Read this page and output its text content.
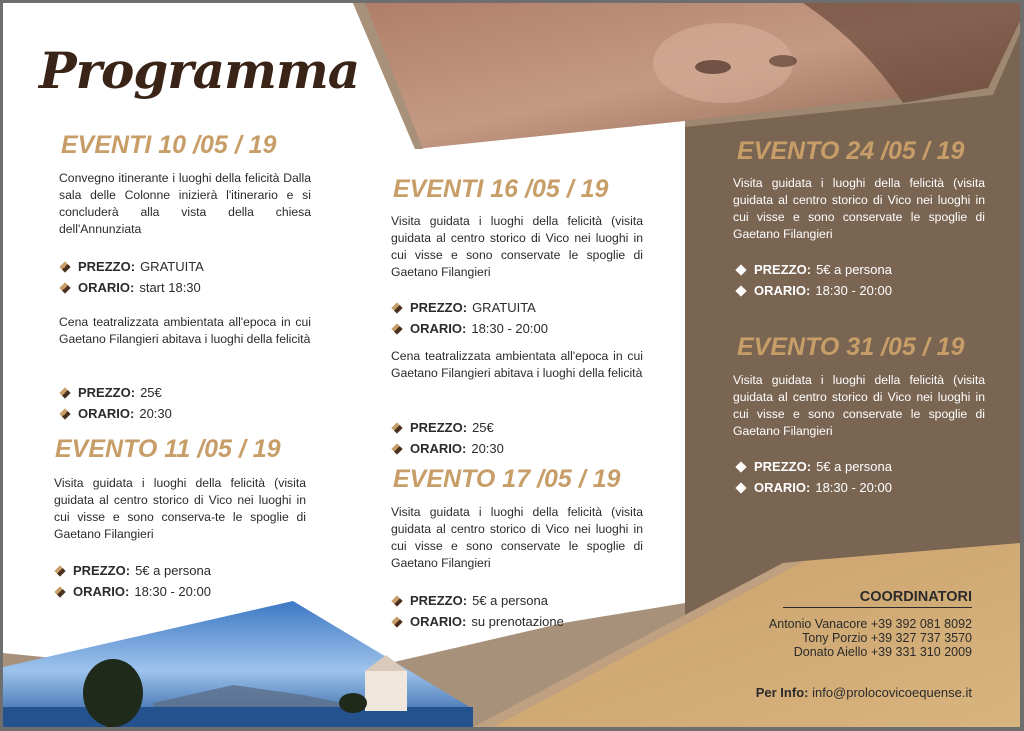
Programma
EVENTI 10 /05 / 19
Convegno itinerante i luoghi della felicità Dalla sala delle Colonne inizierà l'itinerario e si concluderà alla vista della chiesa dell'Annunziata
PREZZO: GRATUITA
ORARIO: start 18:30
Cena teatralizzata ambientata all'epoca in cui Gaetano Filangieri abitava i luoghi della felicità
PREZZO: 25€
ORARIO: 20:30
EVENTO 11 /05 / 19
Visita guidata i luoghi della felicità (visita guidata al centro storico di Vico nei luoghi in cui visse e sono conserva-te le spoglie di Gaetano Filangieri
PREZZO: 5€ a persona
ORARIO: 18:30 - 20:00
EVENTI 16 /05 / 19
Visita guidata i luoghi della felicità (visita guidata al centro storico di Vico nei luoghi in cui visse e sono conservate le spoglie di Gaetano Filangieri
PREZZO: GRATUITA
ORARIO: 18:30 - 20:00
Cena teatralizzata ambientata all'epoca in cui Gaetano Filangieri abitava i luoghi della felicità
PREZZO: 25€
ORARIO: 20:30
EVENTO 17 /05 / 19
Visita guidata i luoghi della felicità (visita guidata al centro storico di Vico nei luoghi in cui visse e sono conservate le spoglie di Gaetano Filangieri
PREZZO: 5€ a persona
ORARIO: su prenotazione
EVENTO 24 /05 / 19
Visita guidata i luoghi della felicità (visita guidata al centro storico di Vico nei luoghi in cui visse e sono conservate le spoglie di Gaetano Filangieri
PREZZO: 5€ a persona
ORARIO: 18:30 - 20:00
EVENTO 31 /05 / 19
Visita guidata i luoghi della felicità (visita guidata al centro storico di Vico nei luoghi in cui visse e sono conservate le spoglie di Gaetano Filangieri
PREZZO: 5€ a persona
ORARIO: 18:30 - 20:00
COORDINATORI
Antonio Vanacore +39 392 081 8092
Tony Porzio +39 327 737 3570
Donato Aiello +39 331 310 2009
Per Info: info@prolocovicoequense.it
